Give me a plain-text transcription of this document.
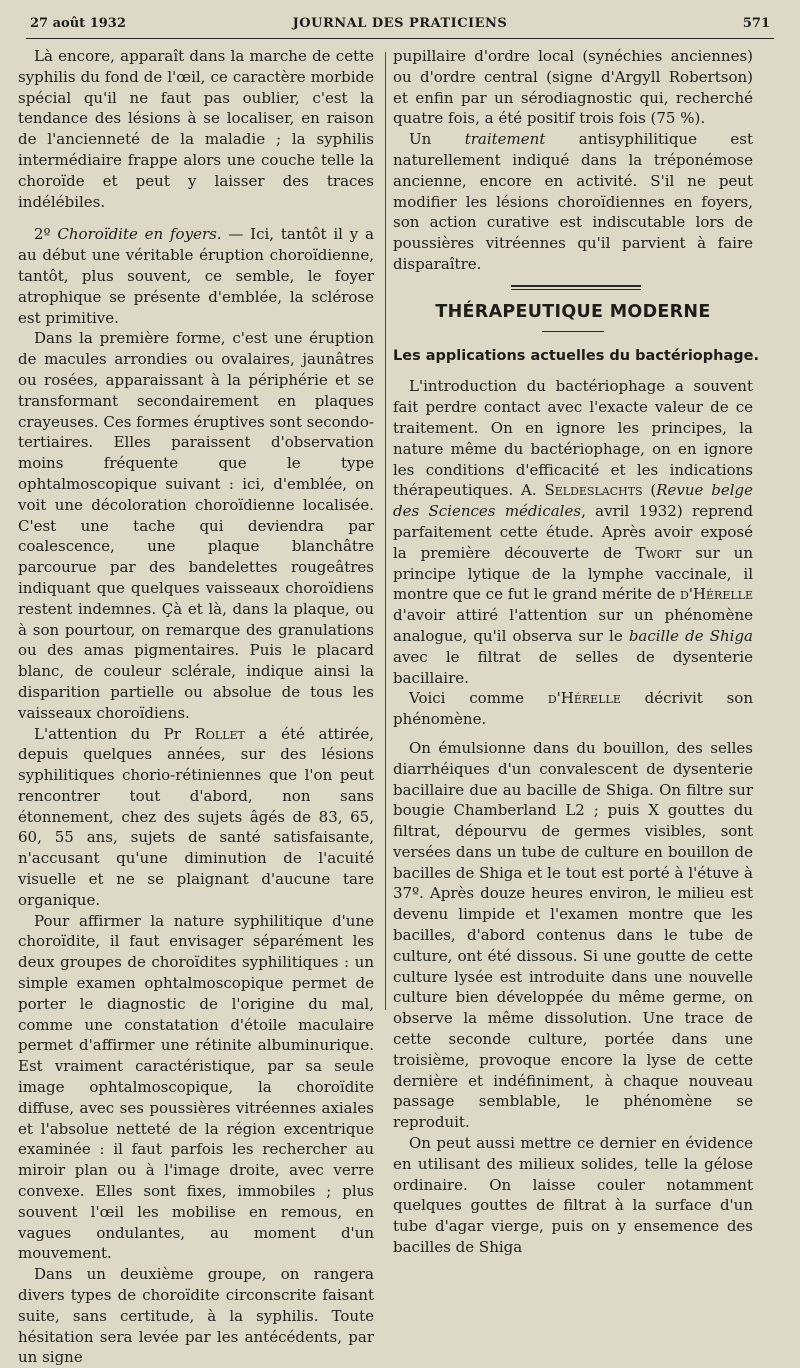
27 août 1932	JOURNAL DES PRATICIENS	571

Là encore, apparaît dans la marche de cette syphilis du fond de l'œil, ce caractère morbide spécial qu'il ne faut pas oublier, c'est la tendance des lésions à se localiser, en raison de l'ancienneté de la maladie ; la syphilis intermédiaire frappe alors une couche telle la choroïde et peut y laisser des traces indélébiles.

2º Choroïdite en foyers. — Ici, tantôt il y a au début une véritable éruption choroïdienne, tantôt, plus souvent, ce semble, le foyer atrophique se présente d'emblée, la sclérose est primitive.

Dans la première forme, c'est une éruption de macules arrondies ou ovalaires, jaunâtres ou rosées, apparaissant à la périphérie et se transformant secondairement en plaques crayeuses. Ces formes éruptives sont secondo-tertiaires. Elles paraissent d'observation moins fréquente que le type ophtalmoscopique suivant : ici, d'emblée, on voit une décoloration choroïdienne localisée. C'est une tache qui deviendra par coalescence, une plaque blanchâtre parcourue par des bandelettes rougeâtres indiquant que quelques vaisseaux choroïdiens restent indemnes. Çà et là, dans la plaque, ou à son pourtour, on remarque des granulations ou des amas pigmentaires. Puis le placard blanc, de couleur sclérale, indique ainsi la disparition partielle ou absolue de tous les vaisseaux choroïdiens.

L'attention du Pr Rollet a été attirée, depuis quelques années, sur des lésions syphilitiques chorio-rétiniennes que l'on peut rencontrer tout d'abord, non sans étonnement, chez des sujets âgés de 83, 65, 60, 55 ans, sujets de santé satisfaisante, n'accusant qu'une diminution de l'acuité visuelle et ne se plaignant d'aucune tare organique.

Pour affirmer la nature syphilitique d'une choroïdite, il faut envisager séparément les deux groupes de choroïdites syphilitiques : un simple examen ophtalmoscopique permet de porter le diagnostic de l'origine du mal, comme une constatation d'étoile maculaire permet d'affirmer une rétinite albuminurique. Est vraiment caractéristique, par sa seule image ophtalmoscopique, la choroïdite diffuse, avec ses poussières vitréennes axiales et l'absolue netteté de la région excentrique examinée : il faut parfois les rechercher au miroir plan ou à l'image droite, avec verre convexe. Elles sont fixes, immobiles ; plus souvent l'œil les mobilise en remous, en vagues ondulantes, au moment d'un mouvement.

Dans un deuxième groupe, on rangera divers types de choroïdite circonscrite faisant suite, sans certitude, à la syphilis. Toute hésitation sera levée par les antécédents, par un signe

pupillaire d'ordre local (synéchies anciennes) ou d'ordre central (signe d'Argyll Robertson) et enfin par un sérodiagnostic qui, recherché quatre fois, a été positif trois fois (75 %).

Un traitement antisyphilitique est naturellement indiqué dans la tréponémose ancienne, encore en activité. S'il ne peut modifier les lésions choroïdiennes en foyers, son action curative est indiscutable lors de poussières vitréennes qu'il parvient à faire disparaître.

THÉRAPEUTIQUE MODERNE
Les applications actuelles du bactériophage.

L'introduction du bactériophage a souvent fait perdre contact avec l'exacte valeur de ce traitement. On en ignore les principes, la nature même du bactériophage, on en ignore les conditions d'efficacité et les indications thérapeutiques. A. Seldeslachts (Revue belge des Sciences médicales, avril 1932) reprend parfaitement cette étude. Après avoir exposé la première découverte de Twort sur un principe lytique de la lymphe vaccinale, il montre que ce fut le grand mérite de d'Hérelle d'avoir attiré l'attention sur un phénomène analogue, qu'il observa sur le bacille de Shiga avec le filtrat de selles de dysenterie bacillaire.

Voici comme d'Hérelle décrivit son phénomène.

On émulsionne dans du bouillon, des selles diarrhéiques d'un convalescent de dysenterie bacillaire due au bacille de Shiga. On filtre sur bougie Chamberland L2 ; puis X gouttes du filtrat, dépourvu de germes visibles, sont versées dans un tube de culture en bouillon de bacilles de Shiga et le tout est porté à l'étuve à 37º. Après douze heures environ, le milieu est devenu limpide et l'examen montre que les bacilles, d'abord contenus dans le tube de culture, ont été dissous. Si une goutte de cette culture lysée est introduite dans une nouvelle culture bien développée du même germe, on observe la même dissolution. Une trace de cette seconde culture, portée dans une troisième, provoque encore la lyse de cette dernière et indéfiniment, à chaque nouveau passage semblable, le phénomène se reproduit.

On peut aussi mettre ce dernier en évidence en utilisant des milieux solides, telle la gélose ordinaire. On laisse couler notamment quelques gouttes de filtrat à la surface d'un tube d'agar vierge, puis on y ensemence des bacilles de Shiga
